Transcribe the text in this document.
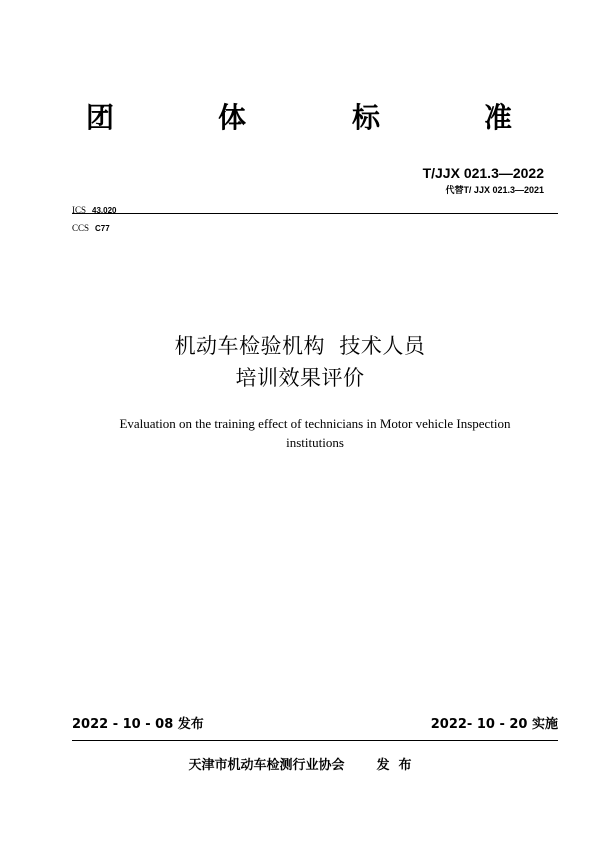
团	体	标	准
T/JJX 021.3—2022
代替T/ JJX 021.3—2021
ICS 43.020
CCS C77
机动车检验机构  技术人员
培训效果评价
Evaluation on the training effect of technicians in Motor vehicle Inspection institutions
2022 - 10 - 08 发布	2022- 10 - 20 实施
天津市机动车检测行业协会 发  布
